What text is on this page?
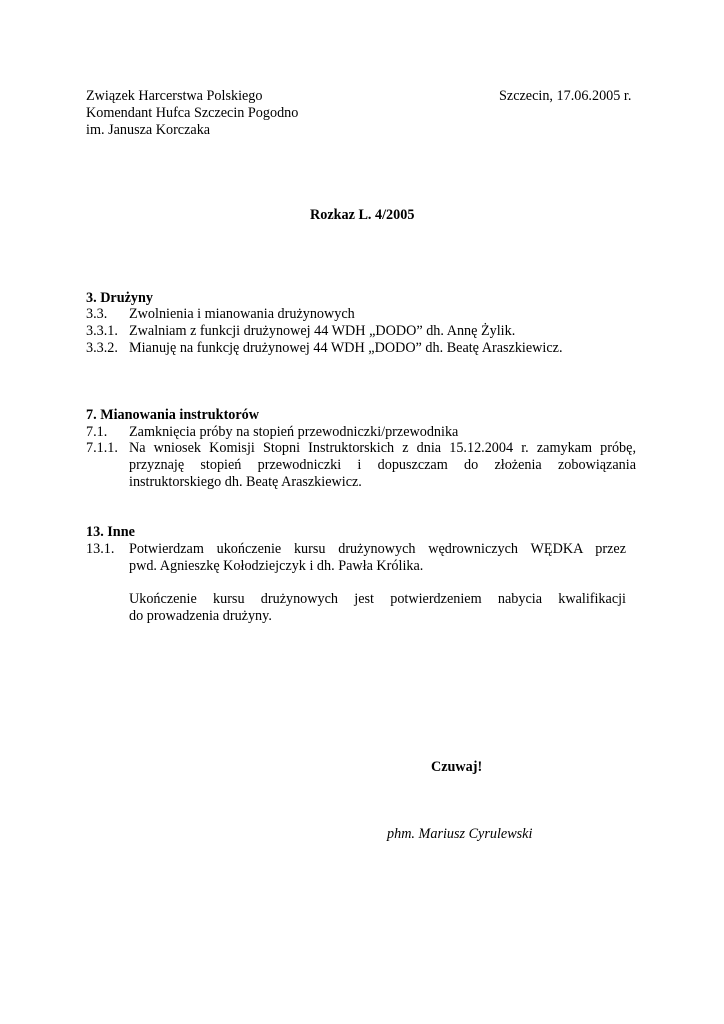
Związek Harcerstwa Polskiego
Komendant Hufca Szczecin Pogodno
im. Janusza Korczaka
Szczecin, 17.06.2005 r.
Rozkaz L. 4/2005
3. Drużyny
3.3. Zwolnienia i mianowania drużynowych
3.3.1. Zwalniam z funkcji drużynowej 44 WDH „DODO” dh. Annę Żylik.
3.3.2. Mianuję na funkcję drużynowej 44 WDH „DODO” dh. Beatę Araszkiewicz.
7. Mianowania instruktorów
7.1. Zamknięcia próby na stopień przewodniczki/przewodnika
7.1.1. Na wniosek Komisji Stopni Instruktorskich z dnia 15.12.2004 r. zamykam próbę,
przyznaję stopień przewodniczki i dopuszczam do złożenia zobowiązania
instruktorskiego dh. Beatę Araszkiewicz.
13. Inne
13.1. Potwierdzam ukończenie kursu drużynowych wędrowniczych WĘDKA przez
pwd. Agnieszkę Kołodziejczyk i dh. Pawła Królika.
Ukończenie kursu drużynowych jest potwierdzeniem nabycia kwalifikacji
do prowadzenia drużyny.
Czuwaj!
phm. Mariusz Cyrulewski
